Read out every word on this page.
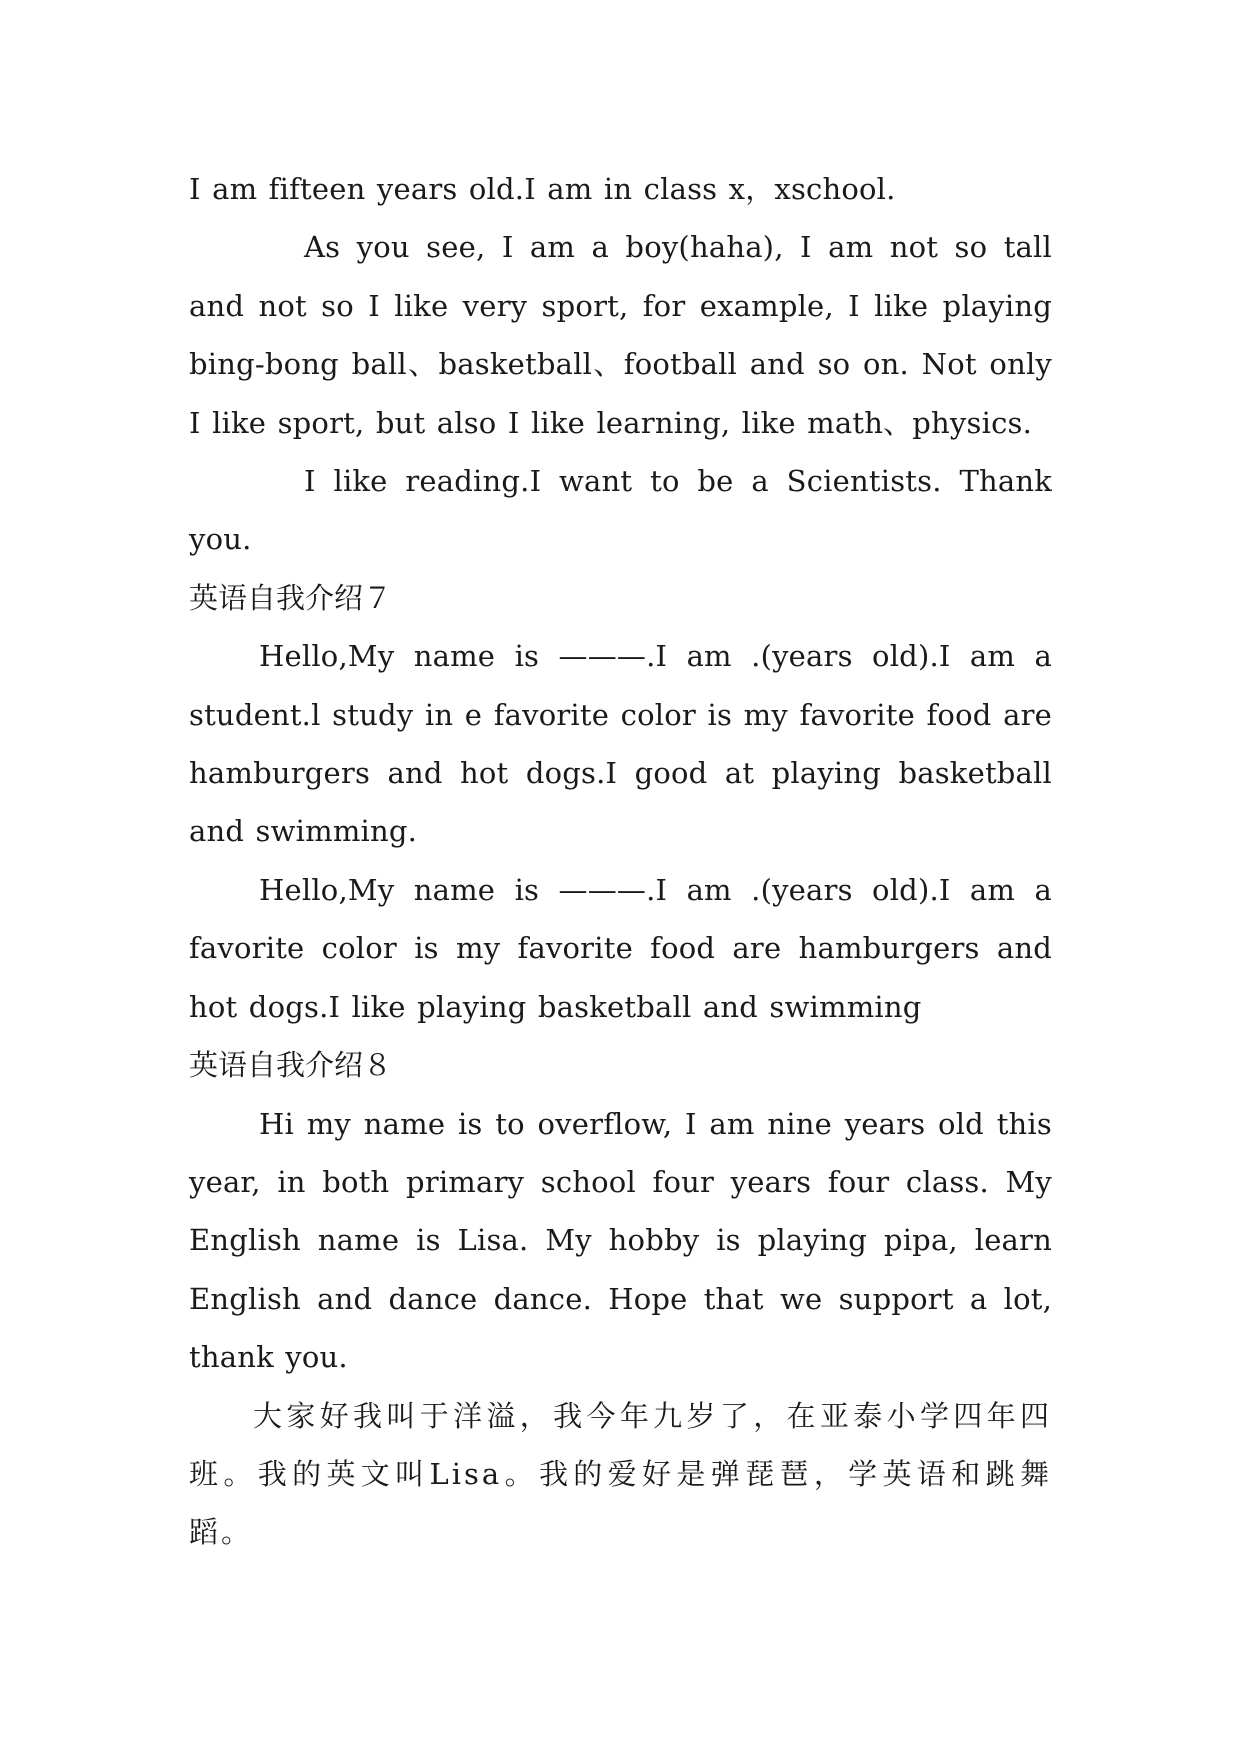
I am fifteen years old.I am in class x，xschool.

As you see, I am a boy(haha), I am not so tall and not so I like very sport, for example, I like playing bing-bong ball、basketball、football and so on. Not only I like sport, but also I like learning, like math、physics.

I like reading.I want to be a Scientists. Thank you.

英语自我介绍７

Hello,My name is ———.I am .(years old).I am a student.l study in e favorite color is my favorite food are hamburgers and hot dogs.I good at playing basketball and swimming.

Hello,My name is ———.I am .(years old).I am a favorite color is my favorite food are hamburgers and hot dogs.I like playing basketball and swimming

英语自我介绍８

Hi my name is to overflow, I am nine years old this year, in both primary school four years four class. My English name is Lisa. My hobby is playing pipa, learn English and dance dance. Hope that we support a lot, thank you.

大家好我叫于洋溢，我今年九岁了，在亚泰小学四年四班。我的英文叫Lisa。我的爱好是弹琵琶，学英语和跳舞蹈。
